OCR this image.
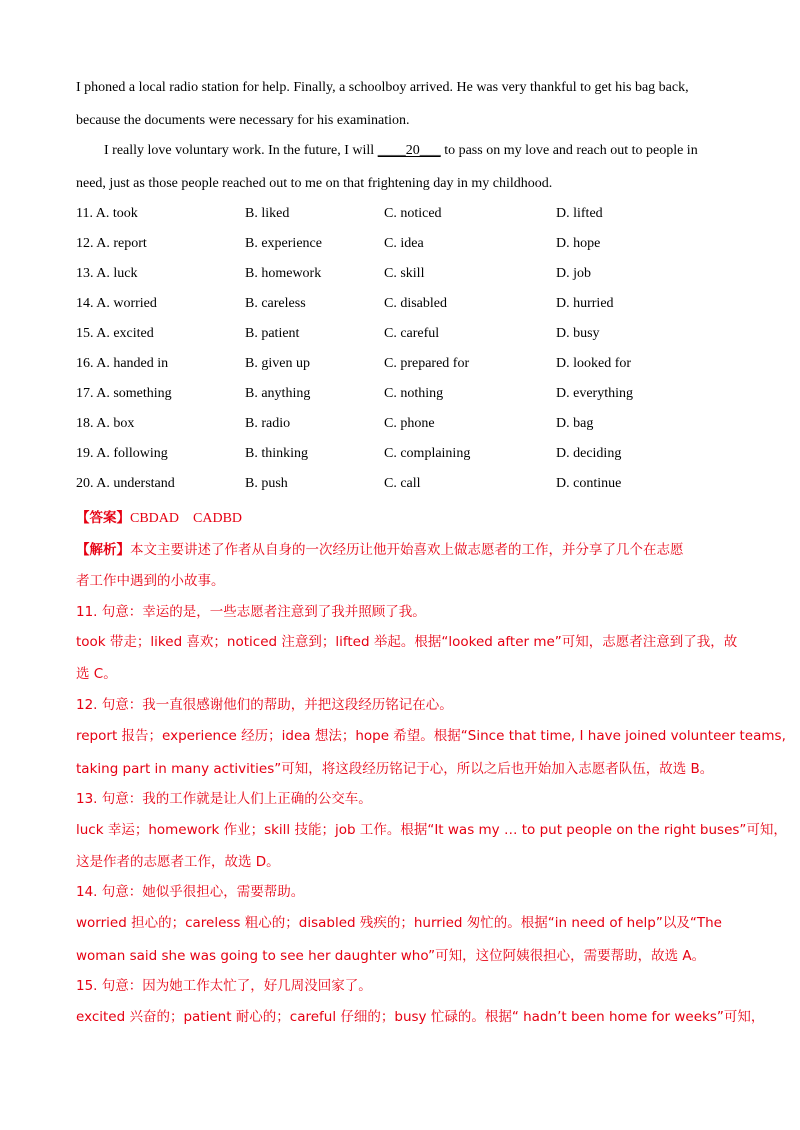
I phoned a local radio station for help. Finally, a schoolboy arrived. He was very thankful to get his bag back,
because the documents were necessary for his examination.
I really love voluntary work. In the future, I will ____20___ to pass on my love and reach out to people in
need, just as those people reached out to me on that frightening day in my childhood.
11. A. took	B. liked	C. noticed	D. lifted
12. A. report	B. experience	C. idea	D. hope
13. A. luck	B. homework	C. skill	D. job
14. A. worried	B. careless	C. disabled	D. hurried
15. A. excited	B. patient	C. careful	D. busy
16. A. handed in	B. given up	C. prepared for	D. looked for
17. A. something	B. anything	C. nothing	D. everything
18. A. box	B. radio	C. phone	D. bag
19. A. following	B. thinking	C. complaining	D. deciding
20. A. understand	B. push	C. call	D. continue
【答案】CBDAD    CADBD
【解析】本文主要讲述了作者从自身的一次经历让他开始喜欢上做志愿者的工作，并分享了几个在志愿
者工作中遇到的小故事。
11. 句意：幸运的是，一些志愿者注意到了我并照顾了我。
took 带走；liked 喜欢；noticed 注意到；lifted 举起。根据“looked after me”可知，志愿者注意到了我，故
选 C。
12. 句意：我一直很感谢他们的帮助，并把这段经历铭记在心。
report 报告；experience 经历；idea 想法；hope 希望。根据“Since that time, I have joined volunteer teams,
taking part in many activities”可知，将这段经历铭记于心，所以之后也开始加入志愿者队伍，故选 B。
13. 句意：我的工作就是让人们上正确的公交车。
luck 幸运；homework 作业；skill 技能；job 工作。根据“It was my … to put people on the right buses”可知，
这是作者的志愿者工作，故选 D。
14. 句意：她似乎很担心，需要帮助。
worried 担心的；careless 粗心的；disabled 残疾的；hurried 匆忙的。根据“in need of help”以及“The
woman said she was going to see her daughter who”可知，这位阿姨很担心，需要帮助，故选 A。
15. 句意：因为她工作太忙了，好几周没回家了。
excited 兴奋的；patient 耐心的；careful 仔细的；busy 忙碌的。根据“ hadn’t been home for weeks”可知，
